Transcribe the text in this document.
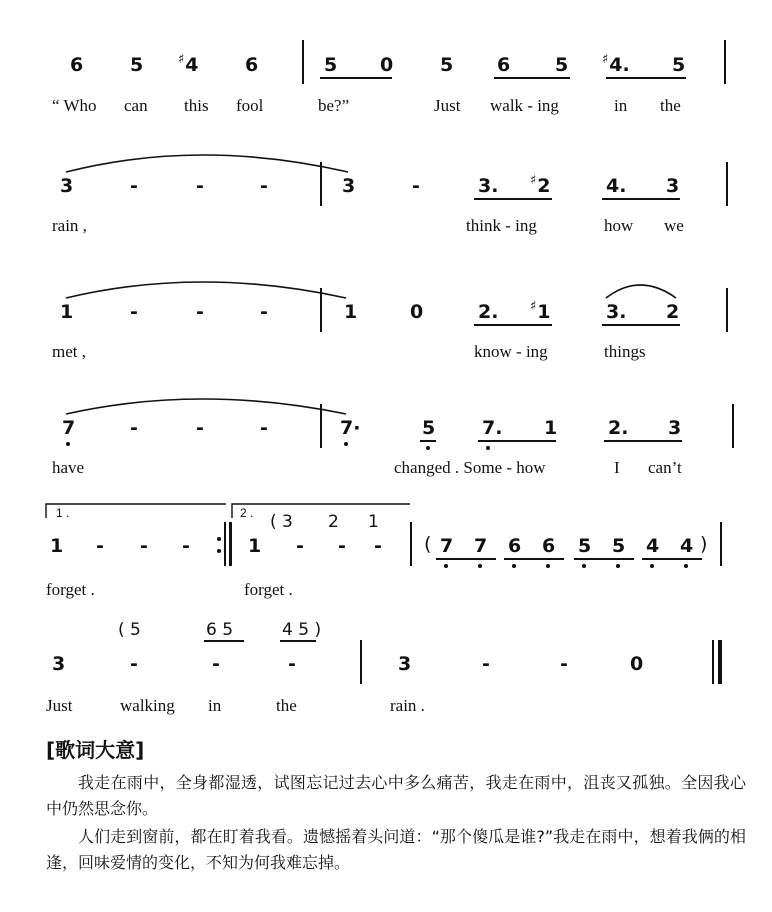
6 5	♯4 6	5 0 5 6 5	♯4. 5
“ Who can this fool	be?”	Just walk - ing	in the
3	-	-	-	3	-	3. ♯2	4. 3
rain ,	think - ing	how we
1	-	-	-	1	0	2. ♯1	3. 2
met ,	know - ing	things
7	-	-	-	7·	5 7. 1	2. 3
have	changed . Some - how	I can’t
1 .	2 . ( 3 2 1
1 - - -	1 - - - ( 7 7 6 6 5 5 4 4 )
forget .	forget .
( 5	6 5	4 5 )
3	-	-	-	3	-	-	0
Just	walking in	the	rain .
[歌词大意]
我走在雨中，全身都湿透，试图忘记过去心中多么痛苦，我走在雨中，沮丧又孤独。全因我心中仍然思念你。
人们走到窗前，都在盯着我看。遗憾摇着头问道：“那个傻瓜是谁?”我走在雨中，想着我俩的相逢，回味爱情的变化，不知为何我难忘掉。
